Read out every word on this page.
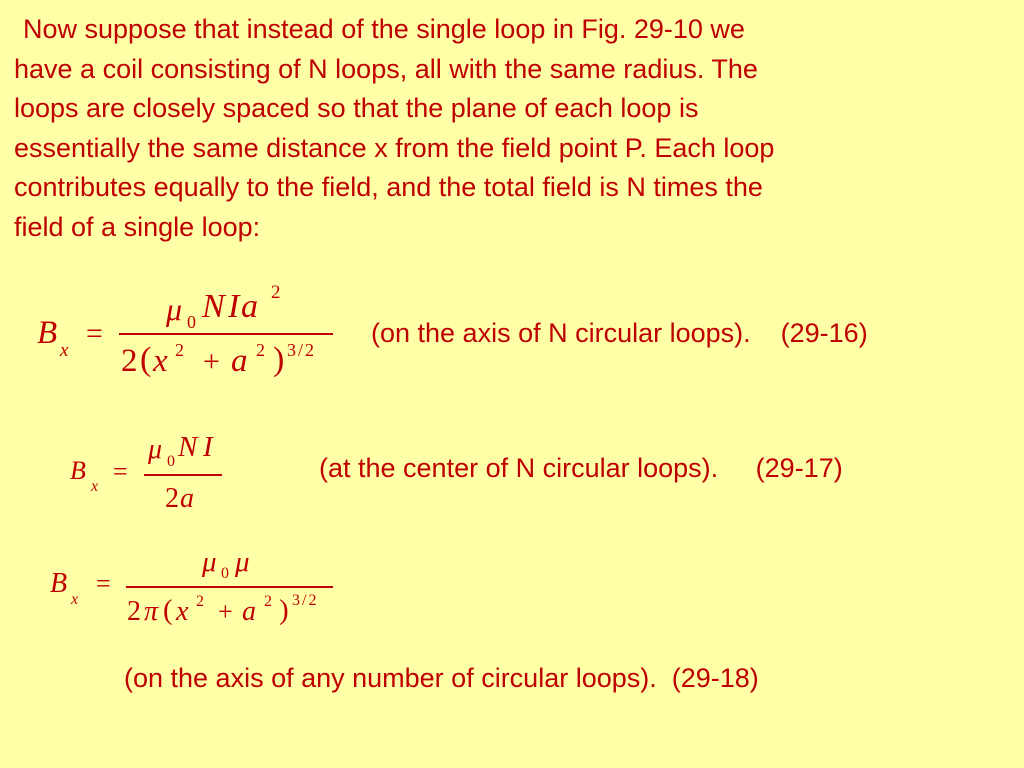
Now suppose that instead of the single loop in Fig. 29-10 we
have a coil consisting of N loops, all with the same radius. The
loops are closely spaced so that the plane of each loop is
essentially the same distance x from the field point P. Each loop
contributes equally to the field, and the total field is N times the
field of a single loop:
B x
=
μ 0 N I a 2
2 ( x 2 + a 2 ) 3/2
(on the axis of N circular loops).    (29-16)
B
x
=
μ 0 N I
2 a
(at the center of N circular loops).     (29-17)
B
x
=
μ 0 μ
2 π ( x 2 + a 2 ) 3/2
(on the axis of any number of circular loops).  (29-18)
